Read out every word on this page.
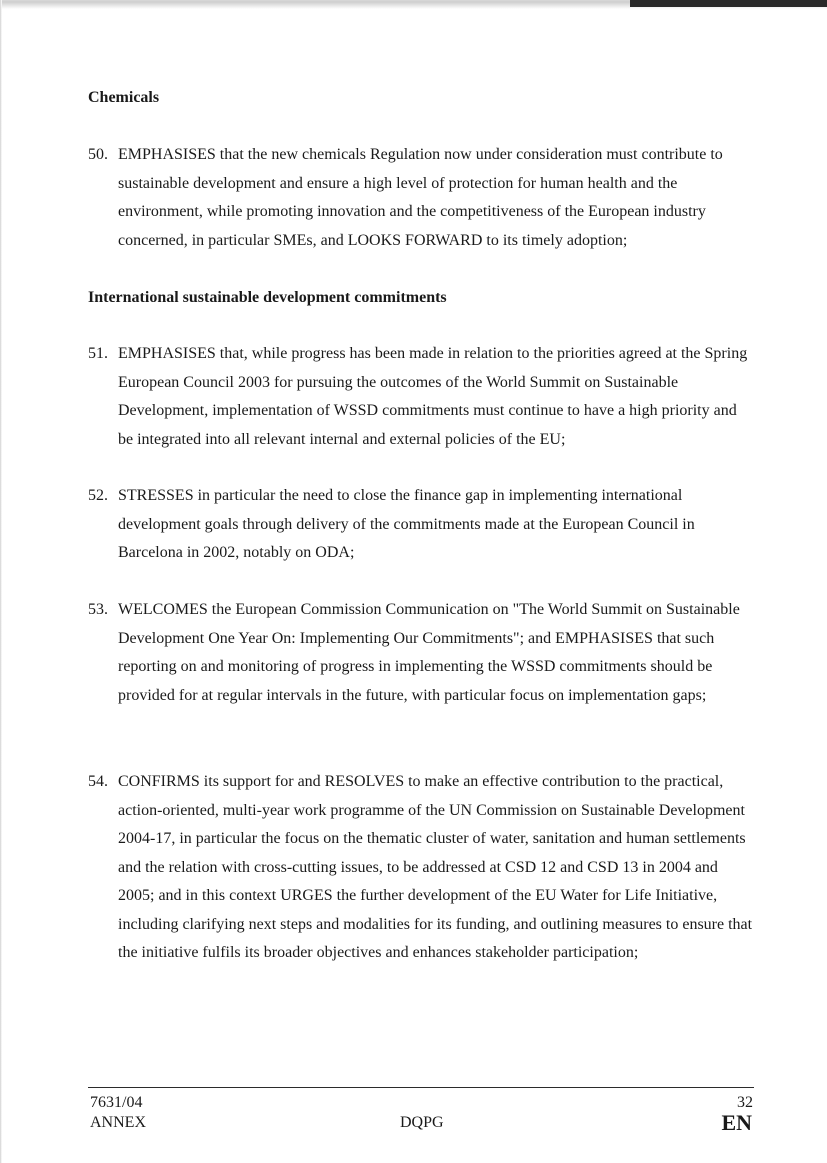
Chemicals
50. EMPHASISES that the new chemicals Regulation now under consideration must contribute to sustainable development and ensure a high level of protection for human health and the environment, while promoting innovation and the competitiveness of the European industry concerned, in particular SMEs, and LOOKS FORWARD to its timely adoption;
International sustainable development commitments
51. EMPHASISES that, while progress has been made in relation to the priorities agreed at the Spring European Council 2003 for pursuing the outcomes of the World Summit on Sustainable Development, implementation of WSSD commitments must continue to have a high priority and be integrated into all relevant internal and external policies of the EU;
52. STRESSES in particular the need to close the finance gap in implementing international development goals through delivery of the commitments made at the European Council in Barcelona in 2002, notably on ODA;
53. WELCOMES the European Commission Communication on "The World Summit on Sustainable Development One Year On: Implementing Our Commitments"; and EMPHASISES that such reporting on and monitoring of progress in implementing the WSSD commitments should be provided for at regular intervals in the future, with particular focus on implementation gaps;
54. CONFIRMS its support for and RESOLVES to make an effective contribution to the practical, action-oriented, multi-year work programme of the UN Commission on Sustainable Development 2004-17, in particular the focus on the thematic cluster of water, sanitation and human settlements and the relation with cross-cutting issues, to be addressed at CSD 12 and CSD 13 in 2004 and 2005; and in this context URGES the further development of the EU Water for Life Initiative, including clarifying next steps and modalities for its funding, and outlining measures to ensure that the initiative fulfils its broader objectives and enhances stakeholder participation;
7631/04
ANNEX	DQPG
32
EN
